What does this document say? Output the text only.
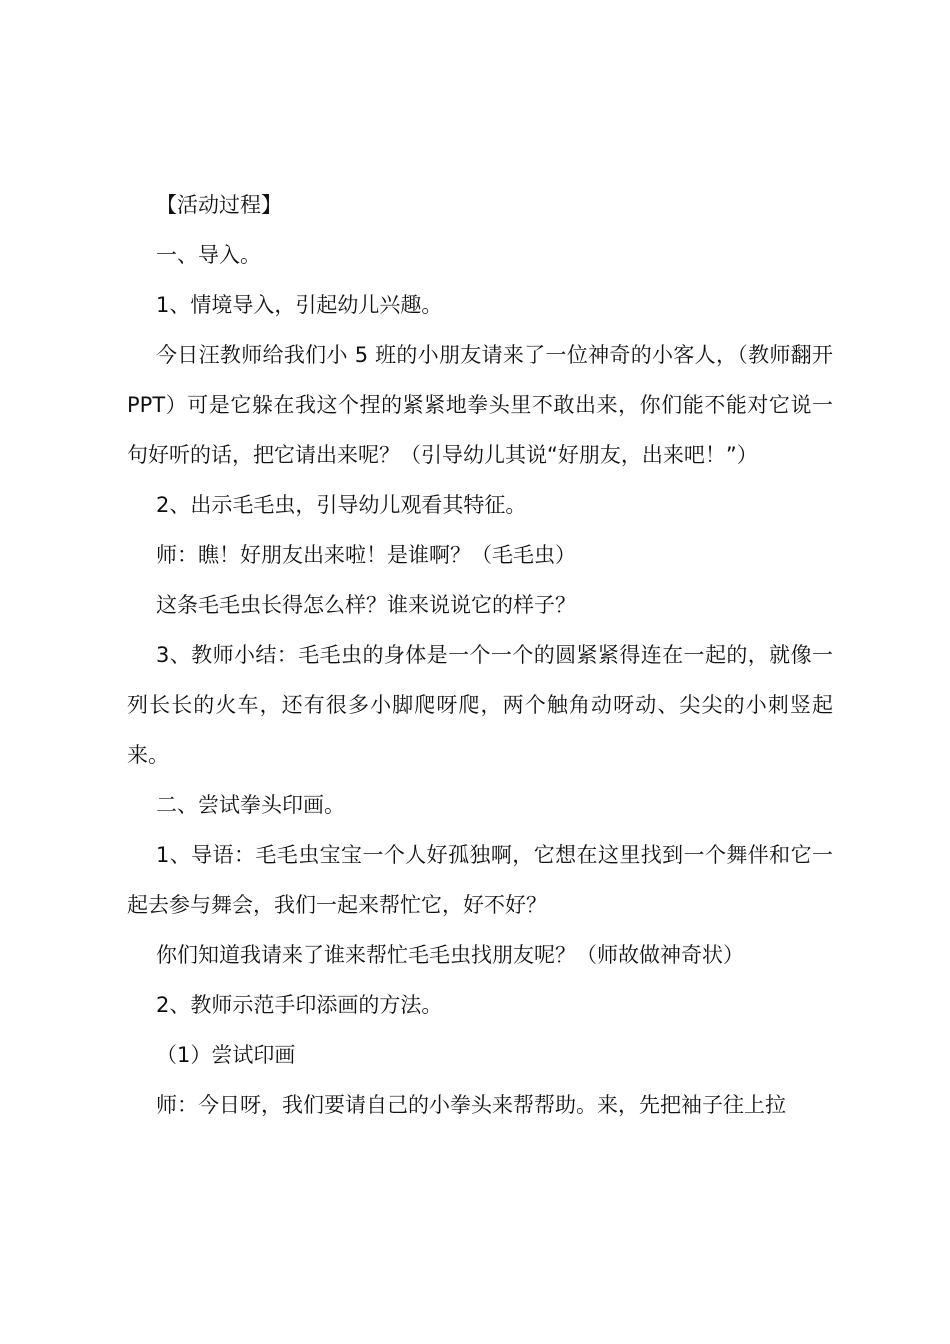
【活动过程】

一、导入。

1、情境导入，引起幼儿兴趣。

今日汪教师给我们小 5 班的小朋友请来了一位神奇的小客人，（教师翻开 PPT）可是它躲在我这个捏的紧紧地拳头里不敢出来，你们能不能对它说一句好听的话，把它请出来呢？（引导幼儿其说“好朋友，出来吧！”）

2、出示毛毛虫，引导幼儿观看其特征。

师：瞧！好朋友出来啦！是谁啊？（毛毛虫）

这条毛毛虫长得怎么样？谁来说说它的样子？

3、教师小结：毛毛虫的身体是一个一个的圆紧紧得连在一起的，就像一列长长的火车，还有很多小脚爬呀爬，两个触角动呀动、尖尖的小刺竖起来。

二、尝试拳头印画。

1、导语：毛毛虫宝宝一个人好孤独啊，它想在这里找到一个舞伴和它一起去参与舞会，我们一起来帮忙它，好不好？

你们知道我请来了谁来帮忙毛毛虫找朋友呢？（师故做神奇状）

2、教师示范手印添画的方法。

（1）尝试印画

师：今日呀，我们要请自己的小拳头来帮帮助。来，先把袖子往上拉
